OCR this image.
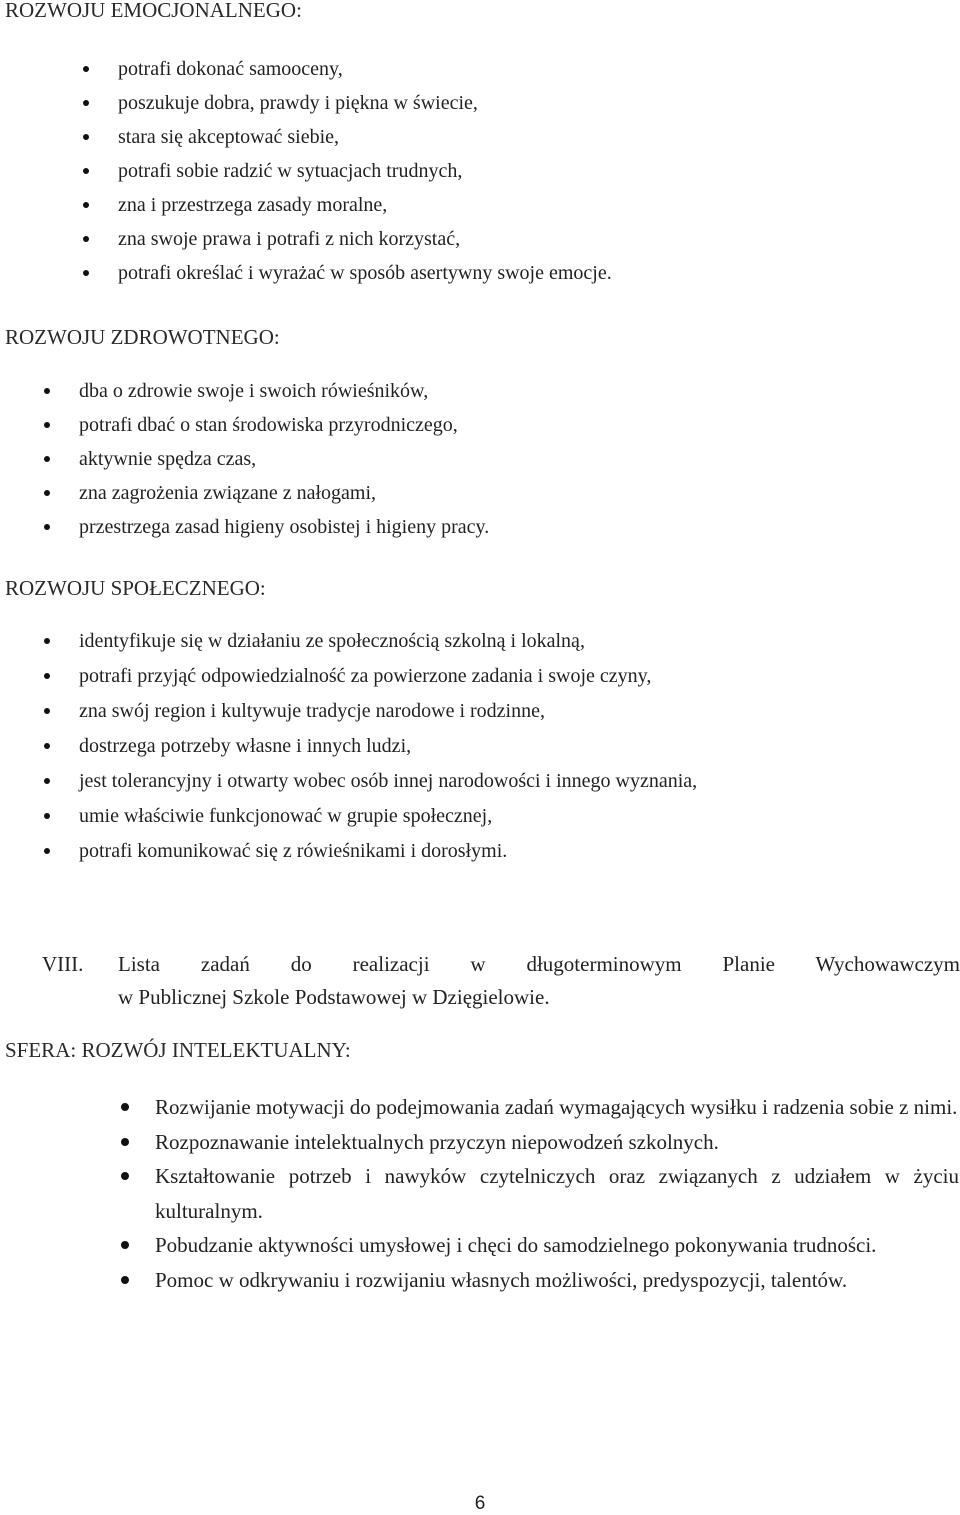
ROZWOJU EMOCJONALNEGO:
potrafi dokonać samooceny,
poszukuje dobra, prawdy i piękna w świecie,
stara się akceptować siebie,
potrafi sobie radzić w sytuacjach trudnych,
zna i przestrzega zasady moralne,
zna swoje prawa i potrafi z nich korzystać,
potrafi określać i wyrażać w sposób asertywny swoje emocje.
ROZWOJU ZDROWOTNEGO:
dba o zdrowie swoje i swoich rówieśników,
potrafi dbać o stan środowiska przyrodniczego,
aktywnie spędza czas,
zna zagrożenia związane z nałogami,
przestrzega zasad higieny osobistej i higieny pracy.
ROZWOJU SPOŁECZNEGO:
identyfikuje się w działaniu ze społecznością szkolną i lokalną,
potrafi przyjąć odpowiedzialność za powierzone zadania i swoje czyny,
zna swój region i kultywuje tradycje narodowe i rodzinne,
dostrzega potrzeby własne i innych ludzi,
jest tolerancyjny i otwarty wobec osób innej narodowości i innego wyznania,
umie właściwie funkcjonować w grupie społecznej,
potrafi komunikować się z rówieśnikami i dorosłymi.
VIII. Lista zadań do realizacji w długoterminowym Planie Wychowawczym
w Publicznej Szkole Podstawowej w Dzięgielowie.
SFERA: ROZWÓJ INTELEKTUALNY:
Rozwijanie motywacji do podejmowania zadań wymagających wysiłku i radzenia sobie z nimi.
Rozpoznawanie intelektualnych przyczyn niepowodzeń szkolnych.
Kształtowanie potrzeb i nawyków czytelniczych oraz związanych z udziałem w życiu kulturalnym.
Pobudzanie aktywności umysłowej i chęci do samodzielnego pokonywania trudności.
Pomoc w odkrywaniu i rozwijaniu własnych możliwości, predyspozycji, talentów.
6
